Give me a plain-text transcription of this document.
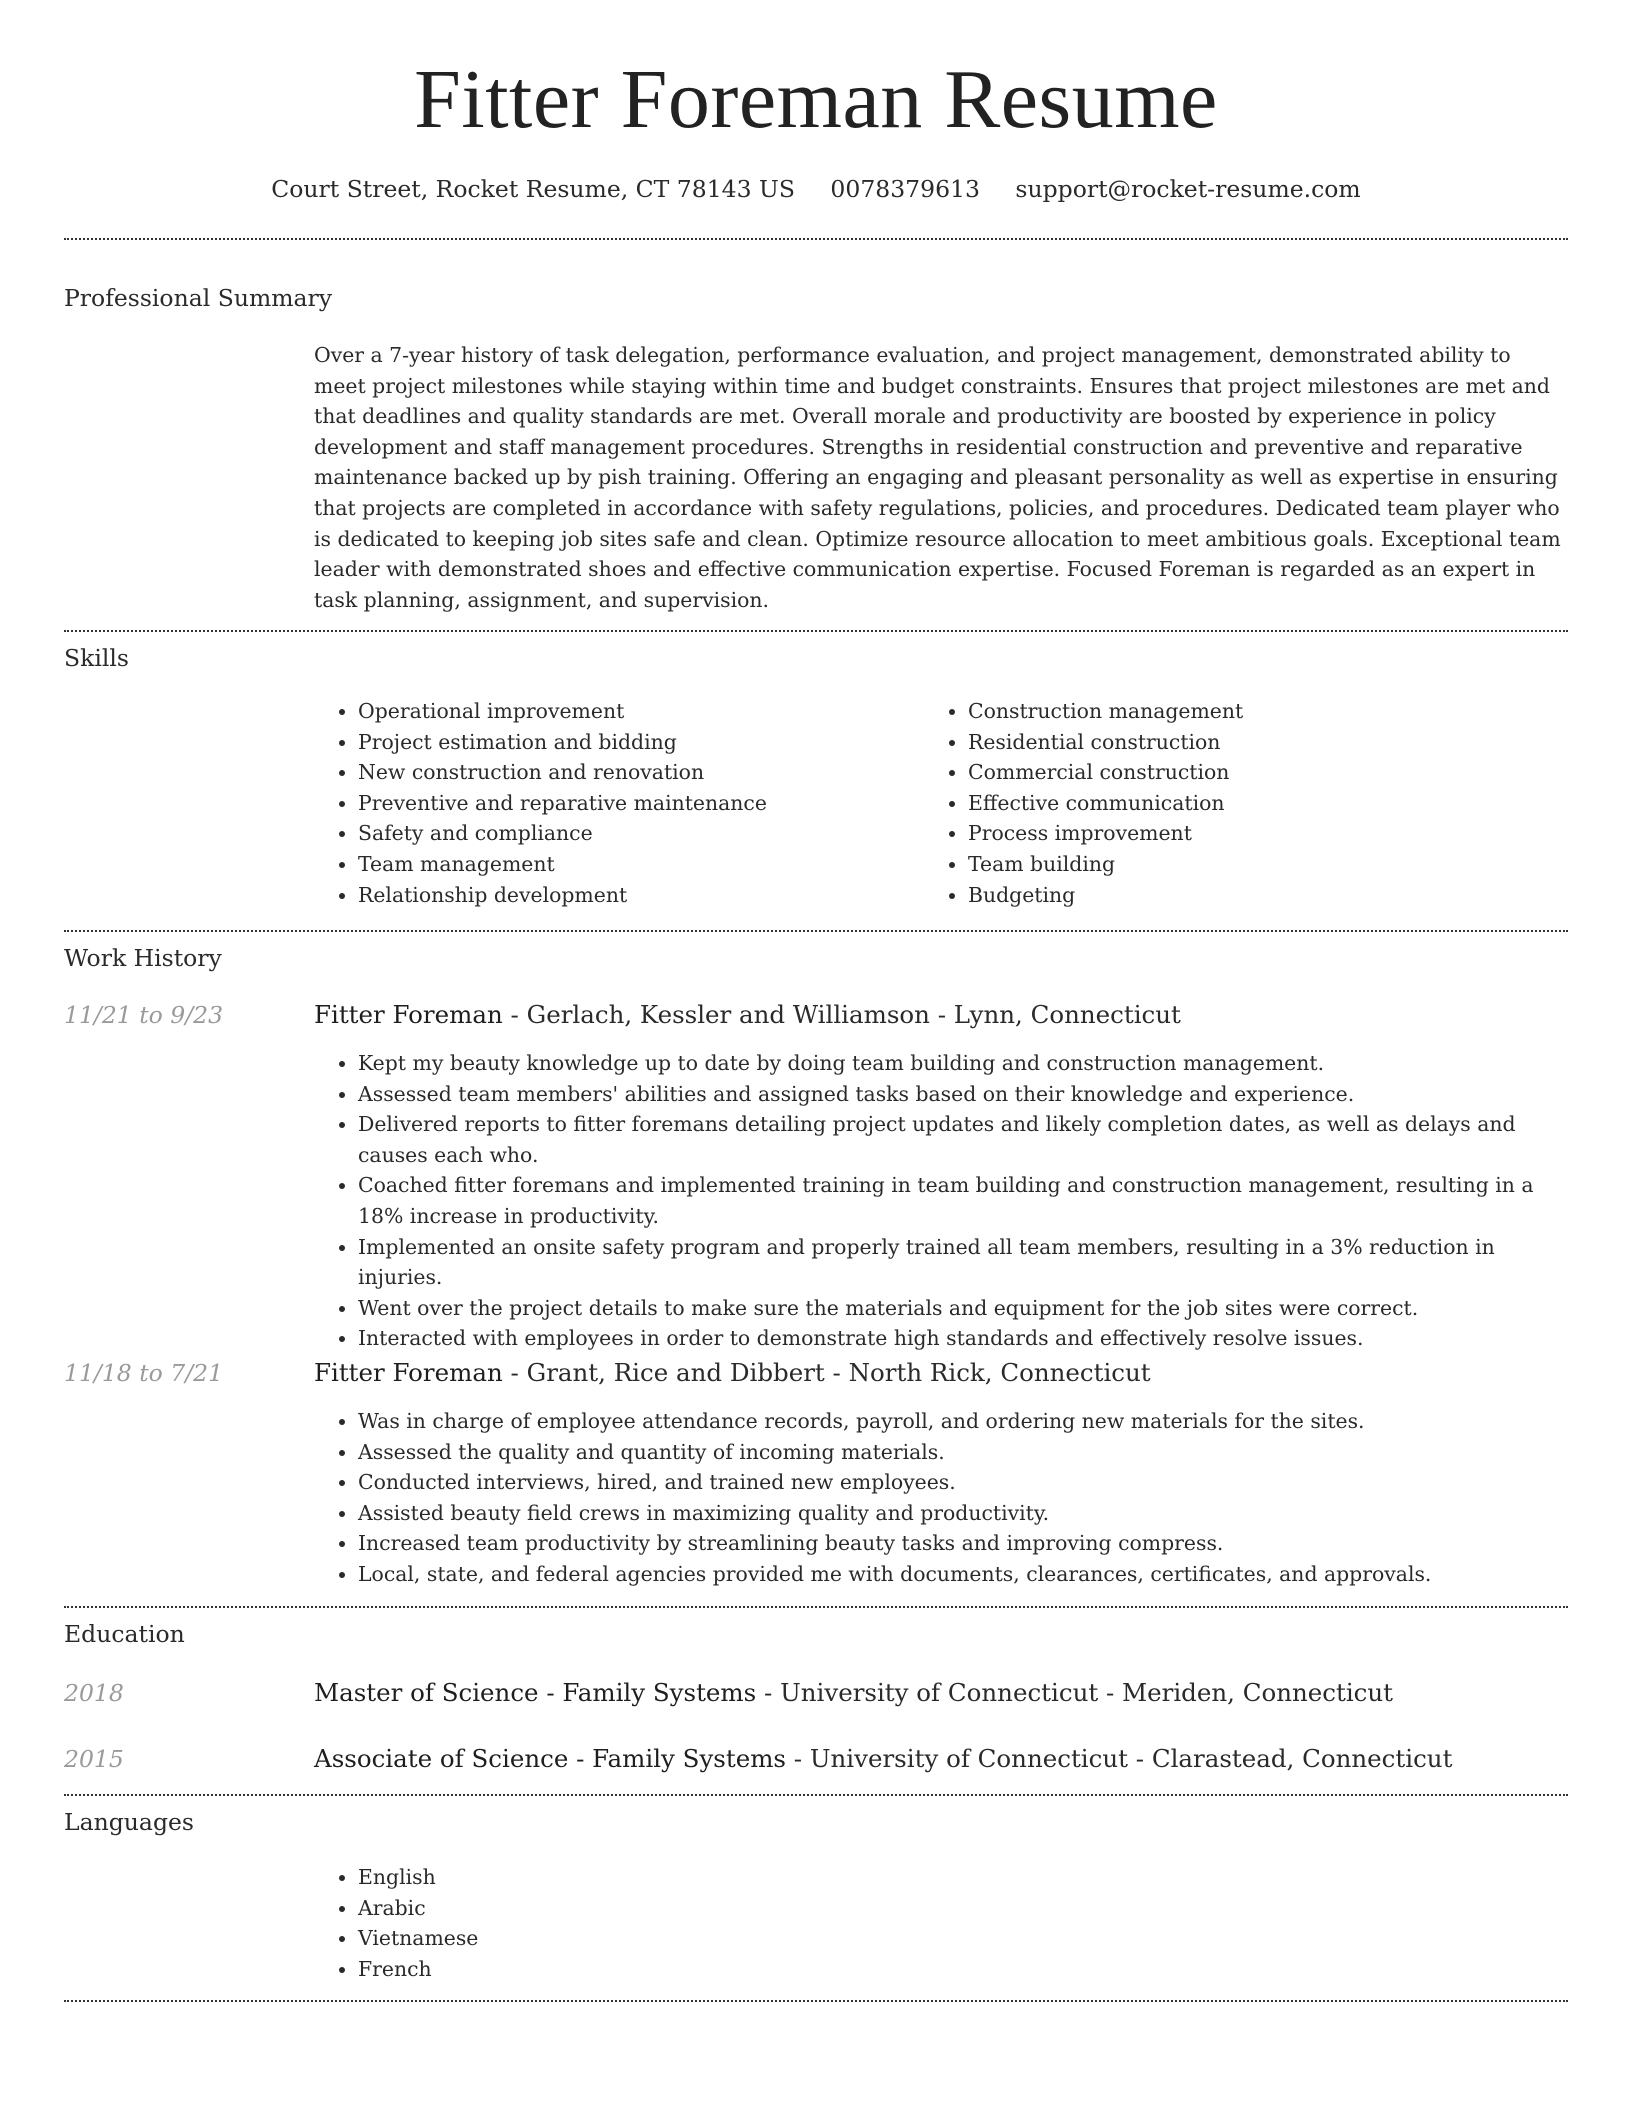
Fitter Foreman Resume
Court Street, Rocket Resume, CT 78143 US 0078379613 support@rocket-resume.com
Professional Summary

Over a 7-year history of task delegation, performance evaluation, and project management, demonstrated ability to meet project milestones while staying within time and budget constraints. Ensures that project milestones are met and that deadlines and quality standards are met. Overall morale and productivity are boosted by experience in policy development and staff management procedures. Strengths in residential construction and preventive and reparative maintenance backed up by pish training. Offering an engaging and pleasant personality as well as expertise in ensuring that projects are completed in accordance with safety regulations, policies, and procedures. Dedicated team player who is dedicated to keeping job sites safe and clean. Optimize resource allocation to meet ambitious goals. Exceptional team leader with demonstrated shoes and effective communication expertise. Focused Foreman is regarded as an expert in task planning, assignment, and supervision.

Skills
• Operational improvement
• Project estimation and bidding
• New construction and renovation
• Preventive and reparative maintenance
• Safety and compliance
• Team management
• Relationship development
• Construction management
• Residential construction
• Commercial construction
• Effective communication
• Process improvement
• Team building
• Budgeting
Work History
11/21 to 9/23	Fitter Foreman - Gerlach, Kessler and Williamson - Lynn, Connecticut
• Kept my beauty knowledge up to date by doing team building and construction management.
• Assessed team members' abilities and assigned tasks based on their knowledge and experience.
• Delivered reports to fitter foremans detailing project updates and likely completion dates, as well as delays and causes each who.
• Coached fitter foremans and implemented training in team building and construction management, resulting in a 18% increase in productivity.
• Implemented an onsite safety program and properly trained all team members, resulting in a 3% reduction in injuries.
• Went over the project details to make sure the materials and equipment for the job sites were correct.
• Interacted with employees in order to demonstrate high standards and effectively resolve issues.
11/18 to 7/21	Fitter Foreman - Grant, Rice and Dibbert - North Rick, Connecticut
• Was in charge of employee attendance records, payroll, and ordering new materials for the sites.
• Assessed the quality and quantity of incoming materials.
• Conducted interviews, hired, and trained new employees.
• Assisted beauty field crews in maximizing quality and productivity.
• Increased team productivity by streamlining beauty tasks and improving compress.
• Local, state, and federal agencies provided me with documents, clearances, certificates, and approvals.
Education
2018	Master of Science - Family Systems - University of Connecticut - Meriden, Connecticut
2015	Associate of Science - Family Systems - University of Connecticut - Clarastead, Connecticut
Languages
• English
• Arabic
• Vietnamese
• French
